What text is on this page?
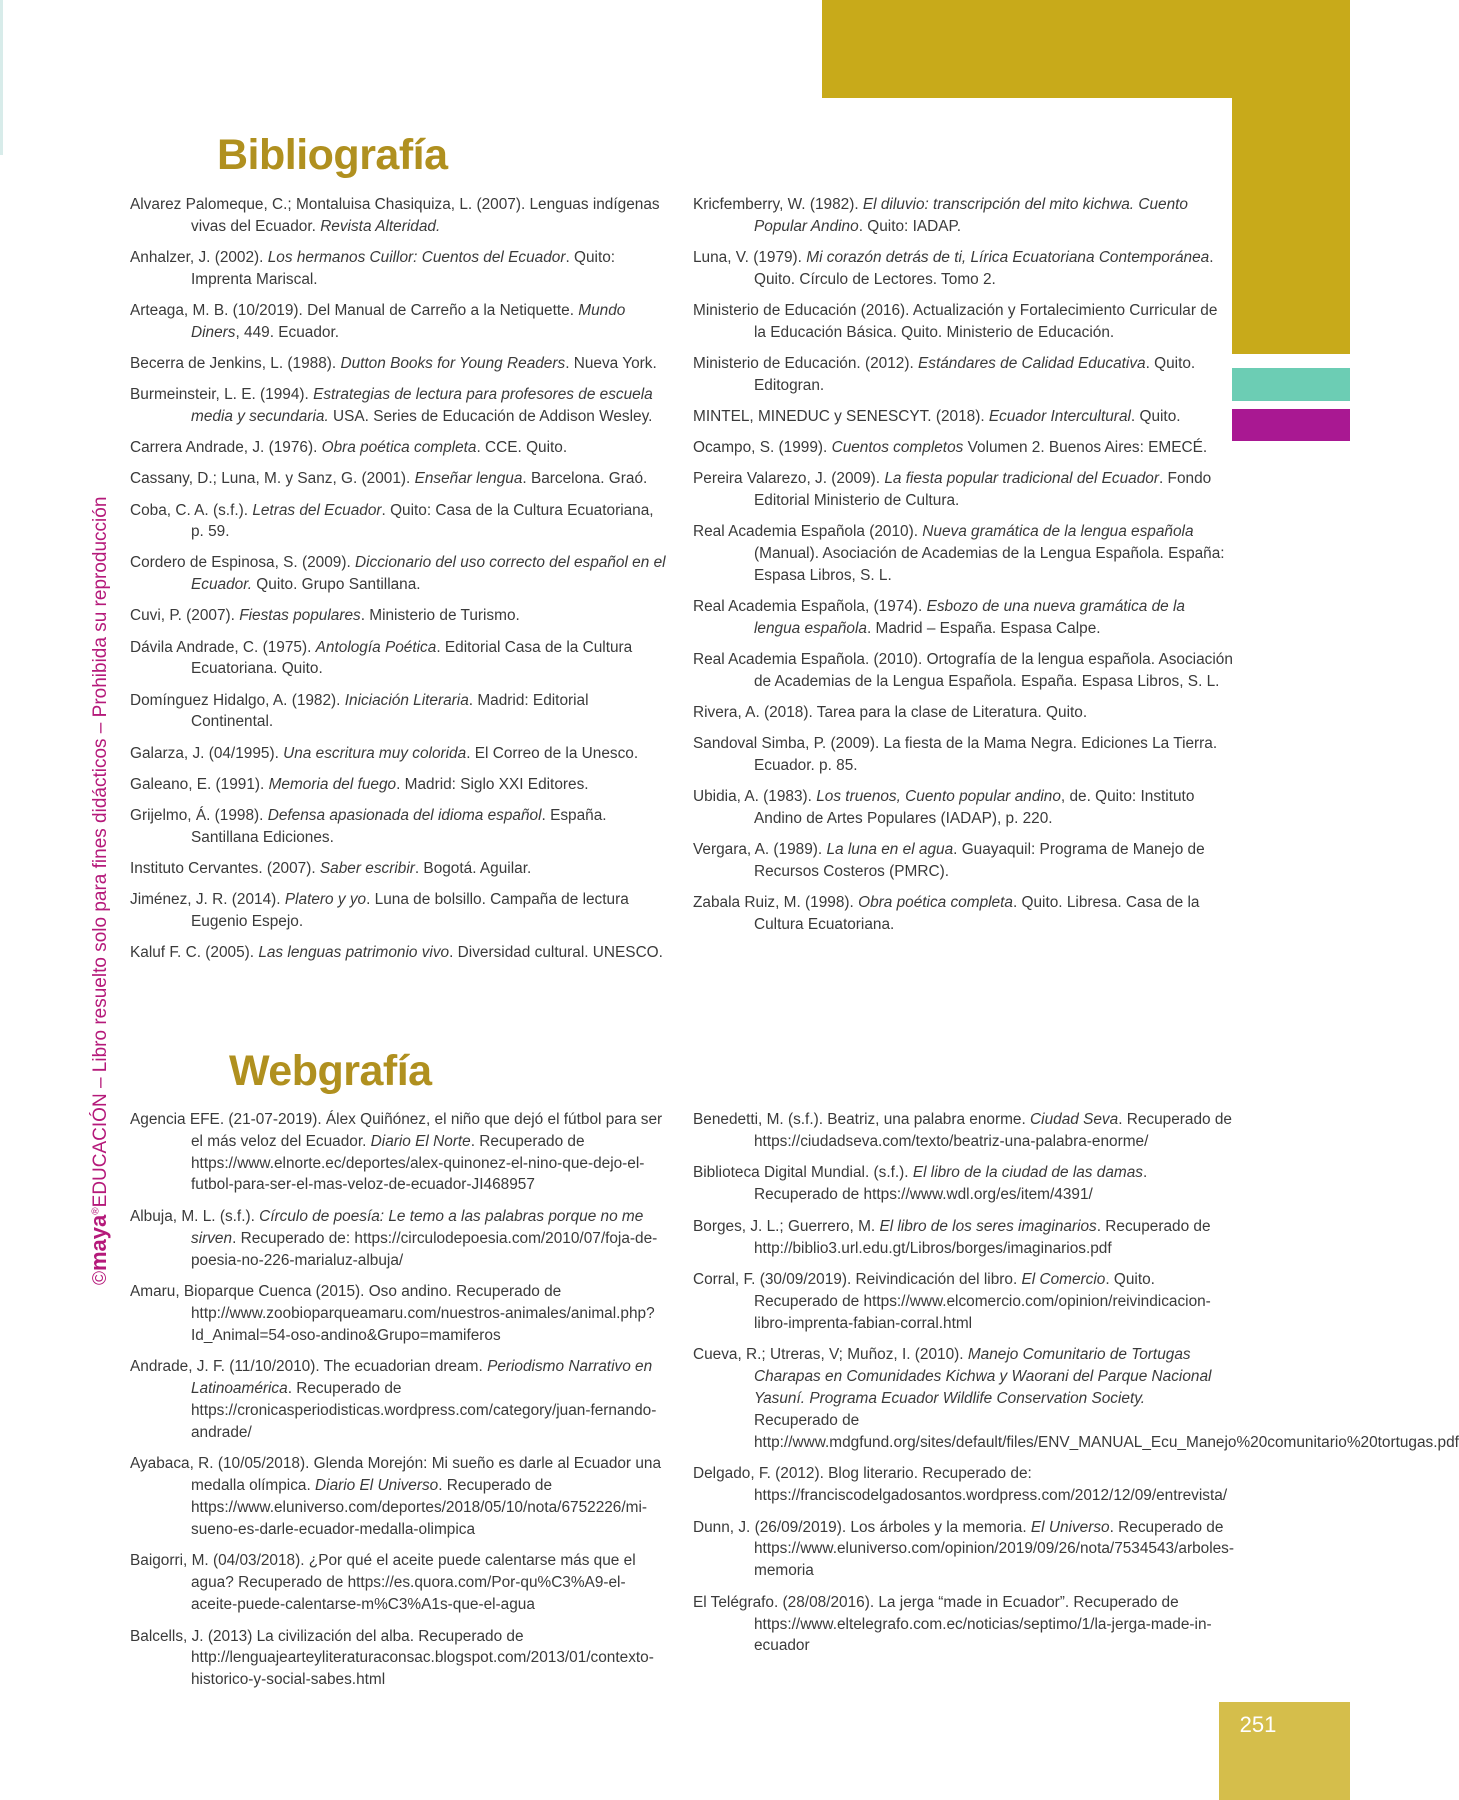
251
©maya®EDUCACIÓN – Libro resuelto solo para fines didácticos – Prohibida su reproducción
Bibliografía

Alvarez Palomeque, C.; Montaluisa Chasiquiza, L. (2007). Lenguas indígenas vivas del Ecuador. Revista Alteridad.

Anhalzer, J. (2002). Los hermanos Cuillor: Cuentos del Ecuador. Quito: Imprenta Mariscal.

Arteaga, M. B. (10/2019). Del Manual de Carreño a la Netiquette. Mundo Diners, 449. Ecuador.

Becerra de Jenkins, L. (1988). Dutton Books for Young Readers. Nueva York.

Burmeinsteir, L. E. (1994). Estrategias de lectura para profesores de escuela media y secundaria. USA. Series de Educación de Addison Wesley.

Carrera Andrade, J. (1976). Obra poética completa. CCE. Quito.

Cassany, D.; Luna, M. y Sanz, G. (2001). Enseñar lengua. Barcelona. Graó.

Coba, C. A. (s.f.). Letras del Ecuador. Quito: Casa de la Cultura Ecuatoriana, p. 59.

Cordero de Espinosa, S. (2009). Diccionario del uso correcto del español en el Ecuador. Quito. Grupo Santillana.

Cuvi, P. (2007). Fiestas populares. Ministerio de Turismo.

Dávila Andrade, C. (1975). Antología Poética. Editorial Casa de la Cultura Ecuatoriana. Quito.

Domínguez Hidalgo, A. (1982). Iniciación Literaria. Madrid: Editorial Continental.

Galarza, J. (04/1995). Una escritura muy colorida. El Correo de la Unesco.

Galeano, E. (1991). Memoria del fuego. Madrid: Siglo XXI Editores.

Grijelmo, Á. (1998). Defensa apasionada del idioma español. España. Santillana Ediciones.

Instituto Cervantes. (2007). Saber escribir. Bogotá. Aguilar.

Jiménez, J. R. (2014). Platero y yo. Luna de bolsillo. Campaña de lectura Eugenio Espejo.

Kaluf F. C. (2005). Las lenguas patrimonio vivo. Diversidad cultural. UNESCO.

Kricfemberry, W. (1982). El diluvio: transcripción del mito kichwa. Cuento Popular Andino. Quito: IADAP.

Luna, V. (1979). Mi corazón detrás de ti, Lírica Ecuatoriana Contemporánea. Quito. Círculo de Lectores. Tomo 2.

Ministerio de Educación (2016). Actualización y Fortalecimiento Curricular de la Educación Básica. Quito. Ministerio de Educación.

Ministerio de Educación. (2012). Estándares de Calidad Educativa. Quito. Editogran.

MINTEL, MINEDUC y SENESCYT. (2018). Ecuador Intercultural. Quito.

Ocampo, S. (1999). Cuentos completos Volumen 2. Buenos Aires: EMECÉ.

Pereira Valarezo, J. (2009). La fiesta popular tradicional del Ecuador. Fondo Editorial Ministerio de Cultura.

Real Academia Española (2010). Nueva gramática de la lengua española (Manual). Asociación de Academias de la Lengua Española. España: Espasa Libros, S. L.

Real Academia Española, (1974). Esbozo de una nueva gramática de la lengua española. Madrid – España. Espasa Calpe.

Real Academia Española. (2010). Ortografía de la lengua española. Asociación de Academias de la Lengua Española. España. Espasa Libros, S. L.

Rivera, A. (2018). Tarea para la clase de Literatura. Quito.

Sandoval Simba, P. (2009). La fiesta de la Mama Negra. Ediciones La Tierra. Ecuador. p. 85.

Ubidia, A. (1983). Los truenos, Cuento popular andino, de. Quito: Instituto Andino de Artes Populares (IADAP), p. 220.

Vergara, A. (1989). La luna en el agua. Guayaquil: Programa de Manejo de Recursos Costeros (PMRC).

Zabala Ruiz, M. (1998). Obra poética completa. Quito. Libresa. Casa de la Cultura Ecuatoriana.

Webgrafía

Agencia EFE. (21-07-2019). Álex Quiñónez, el niño que dejó el fútbol para ser el más veloz del Ecuador. Diario El Norte. Recuperado de https://www.elnorte.ec/deportes/alex-quinonez-el-nino-que-dejo-el-futbol-para-ser-el-mas-veloz-de-ecuador-JI468957

Albuja, M. L. (s.f.). Círculo de poesía: Le temo a las palabras porque no me sirven. Recuperado de: https://circulodepoesia.com/2010/07/foja-de-poesia-no-226-marialuz-albuja/

Amaru, Bioparque Cuenca (2015). Oso andino. Recuperado de http://www.zoobioparqueamaru.com/nuestros-animales/animal.php?Id_Animal=54-oso-andino&Grupo=mamiferos

Andrade, J. F. (11/10/2010). The ecuadorian dream. Periodismo Narrativo en Latinoamérica. Recuperado de https://cronicasperiodisticas.wordpress.com/category/juan-fernando-andrade/

Ayabaca, R. (10/05/2018). Glenda Morejón: Mi sueño es darle al Ecuador una medalla olímpica. Diario El Universo. Recuperado de https://www.eluniverso.com/deportes/2018/05/10/nota/6752226/mi-sueno-es-darle-ecuador-medalla-olimpica

Baigorri, M. (04/03/2018). ¿Por qué el aceite puede calentarse más que el agua? Recuperado de https://es.quora.com/Por-qu%C3%A9-el-aceite-puede-calentarse-m%C3%A1s-que-el-agua

Balcells, J. (2013) La civilización del alba. Recuperado de http://lenguajearteyliteraturaconsac.blogspot.com/2013/01/contexto-historico-y-social-sabes.html

Benedetti, M. (s.f.). Beatriz, una palabra enorme. Ciudad Seva. Recuperado de https://ciudadseva.com/texto/beatriz-una-palabra-enorme/

Biblioteca Digital Mundial. (s.f.). El libro de la ciudad de las damas. Recuperado de https://www.wdl.org/es/item/4391/

Borges, J. L.; Guerrero, M. El libro de los seres imaginarios. Recuperado de http://biblio3.url.edu.gt/Libros/borges/imaginarios.pdf

Corral, F. (30/09/2019). Reivindicación del libro. El Comercio. Quito. Recuperado de https://www.elcomercio.com/opinion/reivindicacion-libro-imprenta-fabian-corral.html

Cueva, R.; Utreras, V; Muñoz, I. (2010). Manejo Comunitario de Tortugas Charapas en Comunidades Kichwa y Waorani del Parque Nacional Yasuní. Programa Ecuador Wildlife Conservation Society. Recuperado de http://www.mdgfund.org/sites/default/files/ENV_MANUAL_Ecu_Manejo%20comunitario%20tortugas.pdf

Delgado, F. (2012). Blog literario. Recuperado de: https://franciscodelgadosantos.wordpress.com/2012/12/09/entrevista/

Dunn, J. (26/09/2019). Los árboles y la memoria. El Universo. Recuperado de https://www.eluniverso.com/opinion/2019/09/26/nota/7534543/arboles-memoria

El Telégrafo. (28/08/2016). La jerga “made in Ecuador”. Recuperado de https://www.eltelegrafo.com.ec/noticias/septimo/1/la-jerga-made-in-ecuador
